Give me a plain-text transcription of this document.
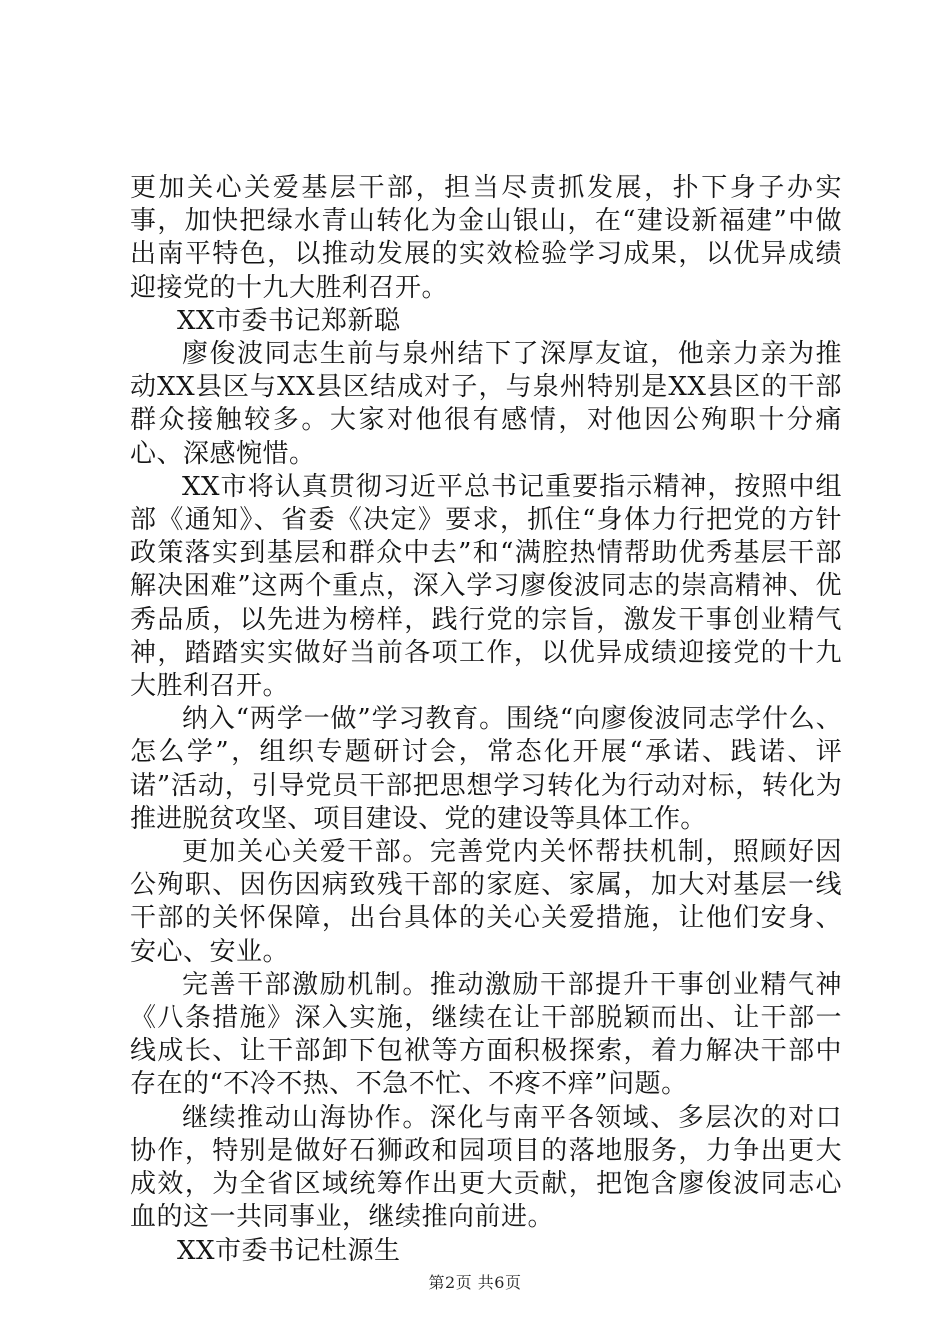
更加关心关爱基层干部，担当尽责抓发展，扑下身子办实事，加快把绿水青山转化为金山银山，在“建设新福建”中做出南平特色，以推动发展的实效检验学习成果，以优异成绩迎接党的十九大胜利召开。

XX市委书记郑新聪

廖俊波同志生前与泉州结下了深厚友谊，他亲力亲为推动XX县区与XX县区结成对子，与泉州特别是XX县区的干部群众接触较多。大家对他很有感情，对他因公殉职十分痛心、深感惋惜。

XX市将认真贯彻习近平总书记重要指示精神，按照中组部《通知》、省委《决定》要求，抓住“身体力行把党的方针政策落实到基层和群众中去”和“满腔热情帮助优秀基层干部解决困难”这两个重点，深入学习廖俊波同志的崇高精神、优秀品质，以先进为榜样，践行党的宗旨，激发干事创业精气神，踏踏实实做好当前各项工作，以优异成绩迎接党的十九大胜利召开。

纳入“两学一做”学习教育。围绕“向廖俊波同志学什么、怎么学”，组织专题研讨会，常态化开展“承诺、践诺、评诺”活动，引导党员干部把思想学习转化为行动对标，转化为推进脱贫攻坚、项目建设、党的建设等具体工作。

更加关心关爱干部。完善党内关怀帮扶机制，照顾好因公殉职、因伤因病致残干部的家庭、家属，加大对基层一线干部的关怀保障，出台具体的关心关爱措施，让他们安身、安心、安业。

完善干部激励机制。推动激励干部提升干事创业精气神《八条措施》深入实施，继续在让干部脱颖而出、让干部一线成长、让干部卸下包袱等方面积极探索，着力解决干部中存在的“不冷不热、不急不忙、不疼不痒”问题。

继续推动山海协作。深化与南平各领域、多层次的对口协作，特别是做好石狮政和园项目的落地服务，力争出更大成效，为全省区域统筹作出更大贡献，把饱含廖俊波同志心血的这一共同事业，继续推向前进。

XX市委书记杜源生

第2页 共6页
